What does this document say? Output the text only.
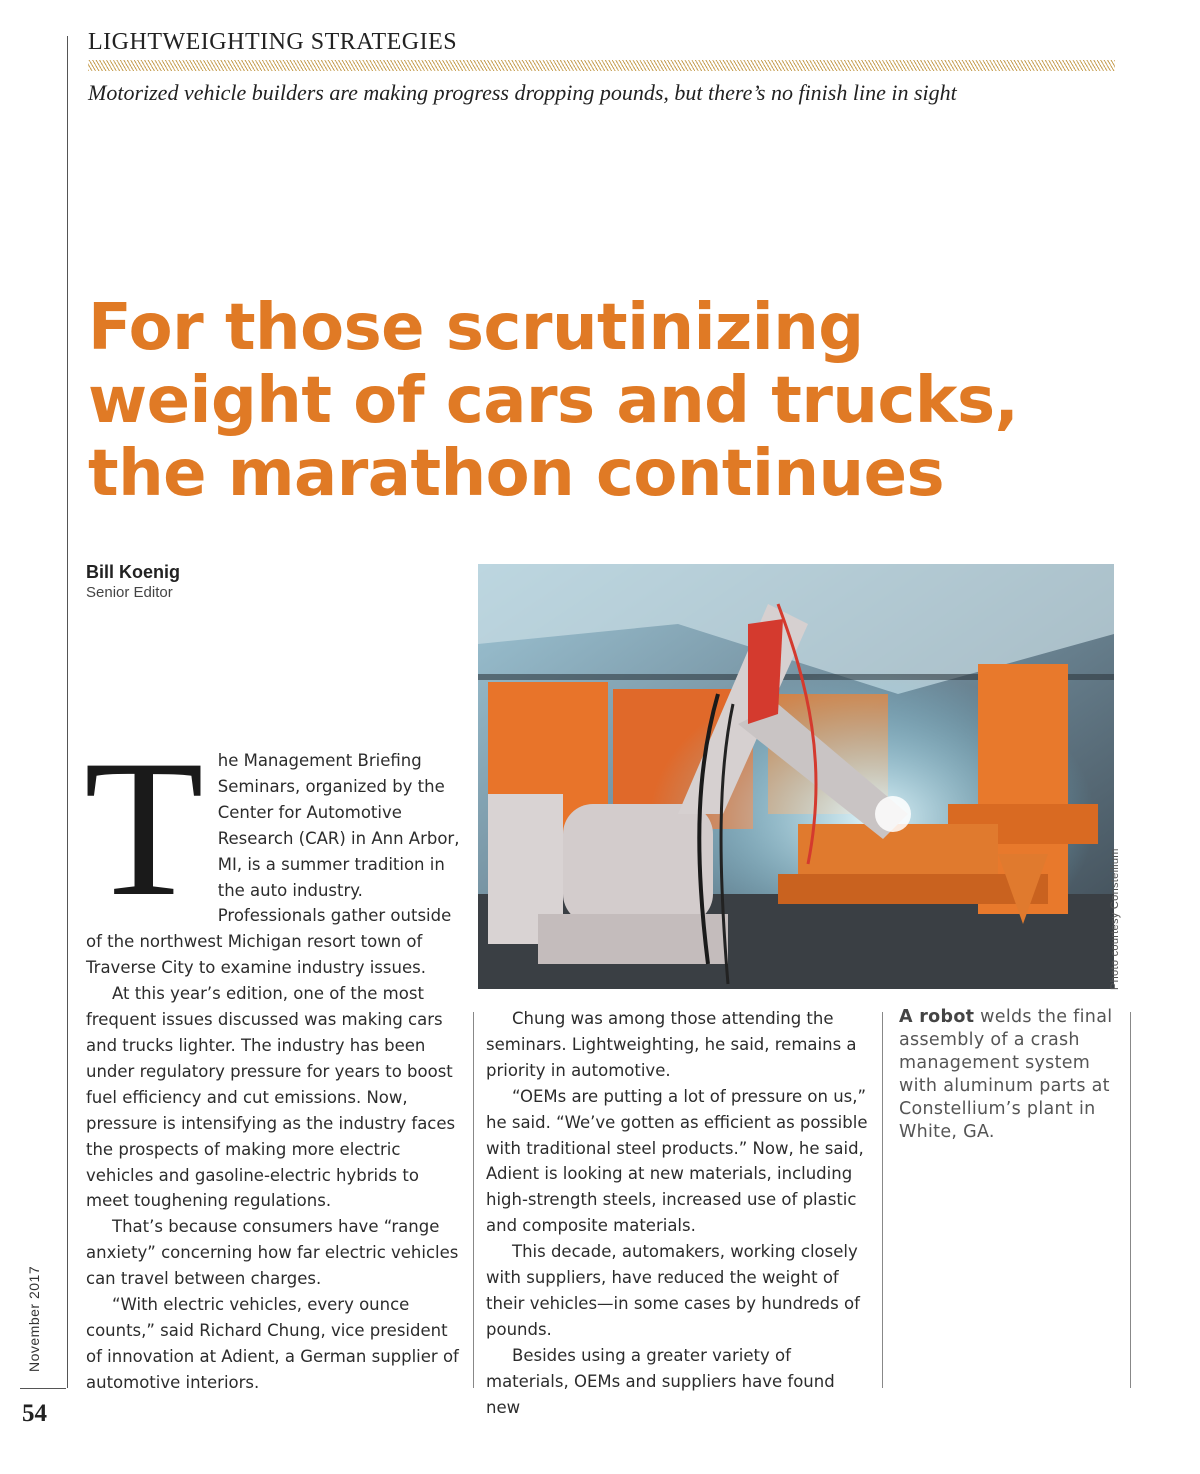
LIGHTWEIGHTING STRATEGIES
Motorized vehicle builders are making progress dropping pounds, but there’s no finish line in sight
For those scrutinizing
weight of cars and trucks,
the marathon continues
Bill Koenig
Senior Editor
Photo courtesy Constellium
T he Management Briefing Seminars, organized by the Center for Automotive Research (CAR) in Ann Arbor, MI, is a summer tradition in the auto industry. Professionals gather outside of the northwest Michigan resort town of Traverse City to examine industry issues.

At this year’s edition, one of the most frequent issues discussed was making cars and trucks lighter. The industry has been under regulatory pressure for years to boost fuel efficiency and cut emissions. Now, pressure is intensifying as the industry faces the prospects of making more electric vehicles and gasoline-electric hybrids to meet toughening regulations.

That’s because consumers have “range anxiety” concerning how far electric vehicles can travel between charges.

“With electric vehicles, every ounce counts,” said Richard Chung, vice president of innovation at Adient, a German supplier of automotive interiors.

Chung was among those attending the seminars. Lightweighting, he said, remains a priority in automotive.

“OEMs are putting a lot of pressure on us,” he said. “We’ve gotten as efficient as possible with traditional steel products.” Now, he said, Adient is looking at new materials, including high-strength steels, increased use of plastic and composite materials.

This decade, automakers, working closely with suppliers, have reduced the weight of their vehicles—in some cases by hundreds of pounds.

Besides using a greater variety of materials, OEMs and suppliers have found new

A robot welds the final assembly of a crash management system with aluminum parts at Constellium’s plant in White, GA.
November 2017
54
